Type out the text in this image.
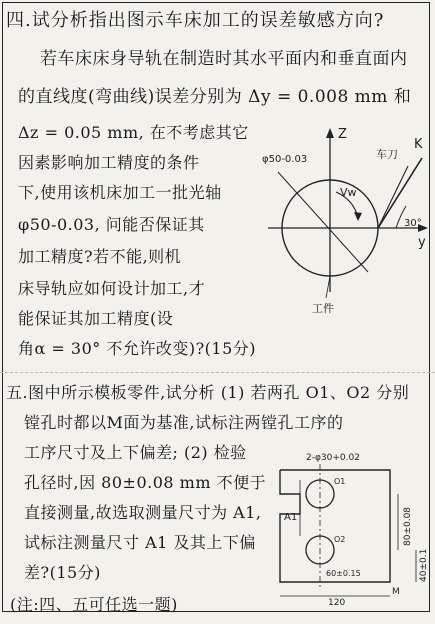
四.试分析指出图示车床加工的误差敏感方向?
若车床床身导轨在制造时其水平面内和垂直面内
的直线度(弯曲线)误差分别为 Δy = 0.008 mm 和
Δz = 0.05 mm, 在不考虑其它
因素影响加工精度的条件
下,使用该机床加工一批光轴
φ50-0.03, 问能否保证其
加工精度?若不能,则机
床导轨应如何设计加工,才
能保证其加工精度(设
角α = 30° 不允许改变)?(15分)
Z
y
φ50-0.03
Vw
车刀
K
30°
工件
五.图中所示模板零件,试分析 (1) 若两孔 O1、O2 分别
镗孔时都以M面为基准,试标注两镗孔工序的
工序尺寸及上下偏差; (2) 检验
孔径时,因 80±0.08 mm 不便于
直接测量,故选取测量尺寸为 A1,
试标注测量尺寸 A1 及其上下偏
差?(15分)
2-φ30+0.02
O1
O2
A1	80±0.08
40±0.1
M
60±0.15
120
(注:四、五可任选一题)
